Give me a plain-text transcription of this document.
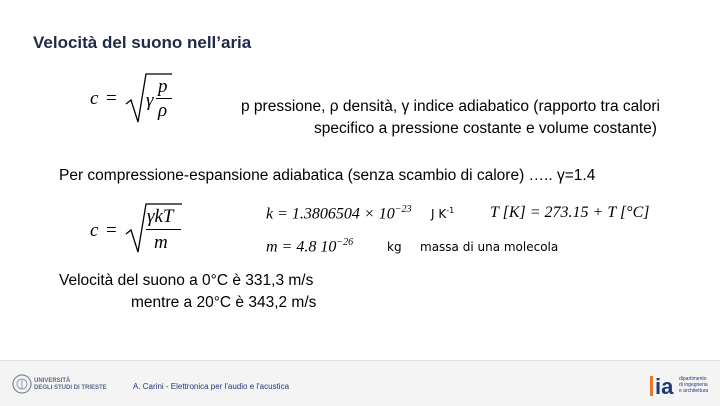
Velocità del suono nell’aria
c = γ
p
ρ	p pressione, ρ densità, γ indice adiabatico (rapporto tra calori
specifico a pressione costante e volume costante)
Per compressione-espansione adiabatica (senza scambio di calore) ….. γ=1.4
c =
γkT
m
$k = 1.3806504 \times 10^{-23}$ J $K^{-1}$ T [K] = 273.15 + T [°C]
m = 4.8 $10^{-26}$	kg massa di una molecola
Velocità del suono a 0°C è 331,3 m/s
mentre a 20°C è 343,2 m/s
UNIVERSITÀ
DEGLI STUDI DI TRIESTE	A. Carini - Elettronica per l'audio e l'acustica	ia dipartimento
di ingegneria
e architettura
